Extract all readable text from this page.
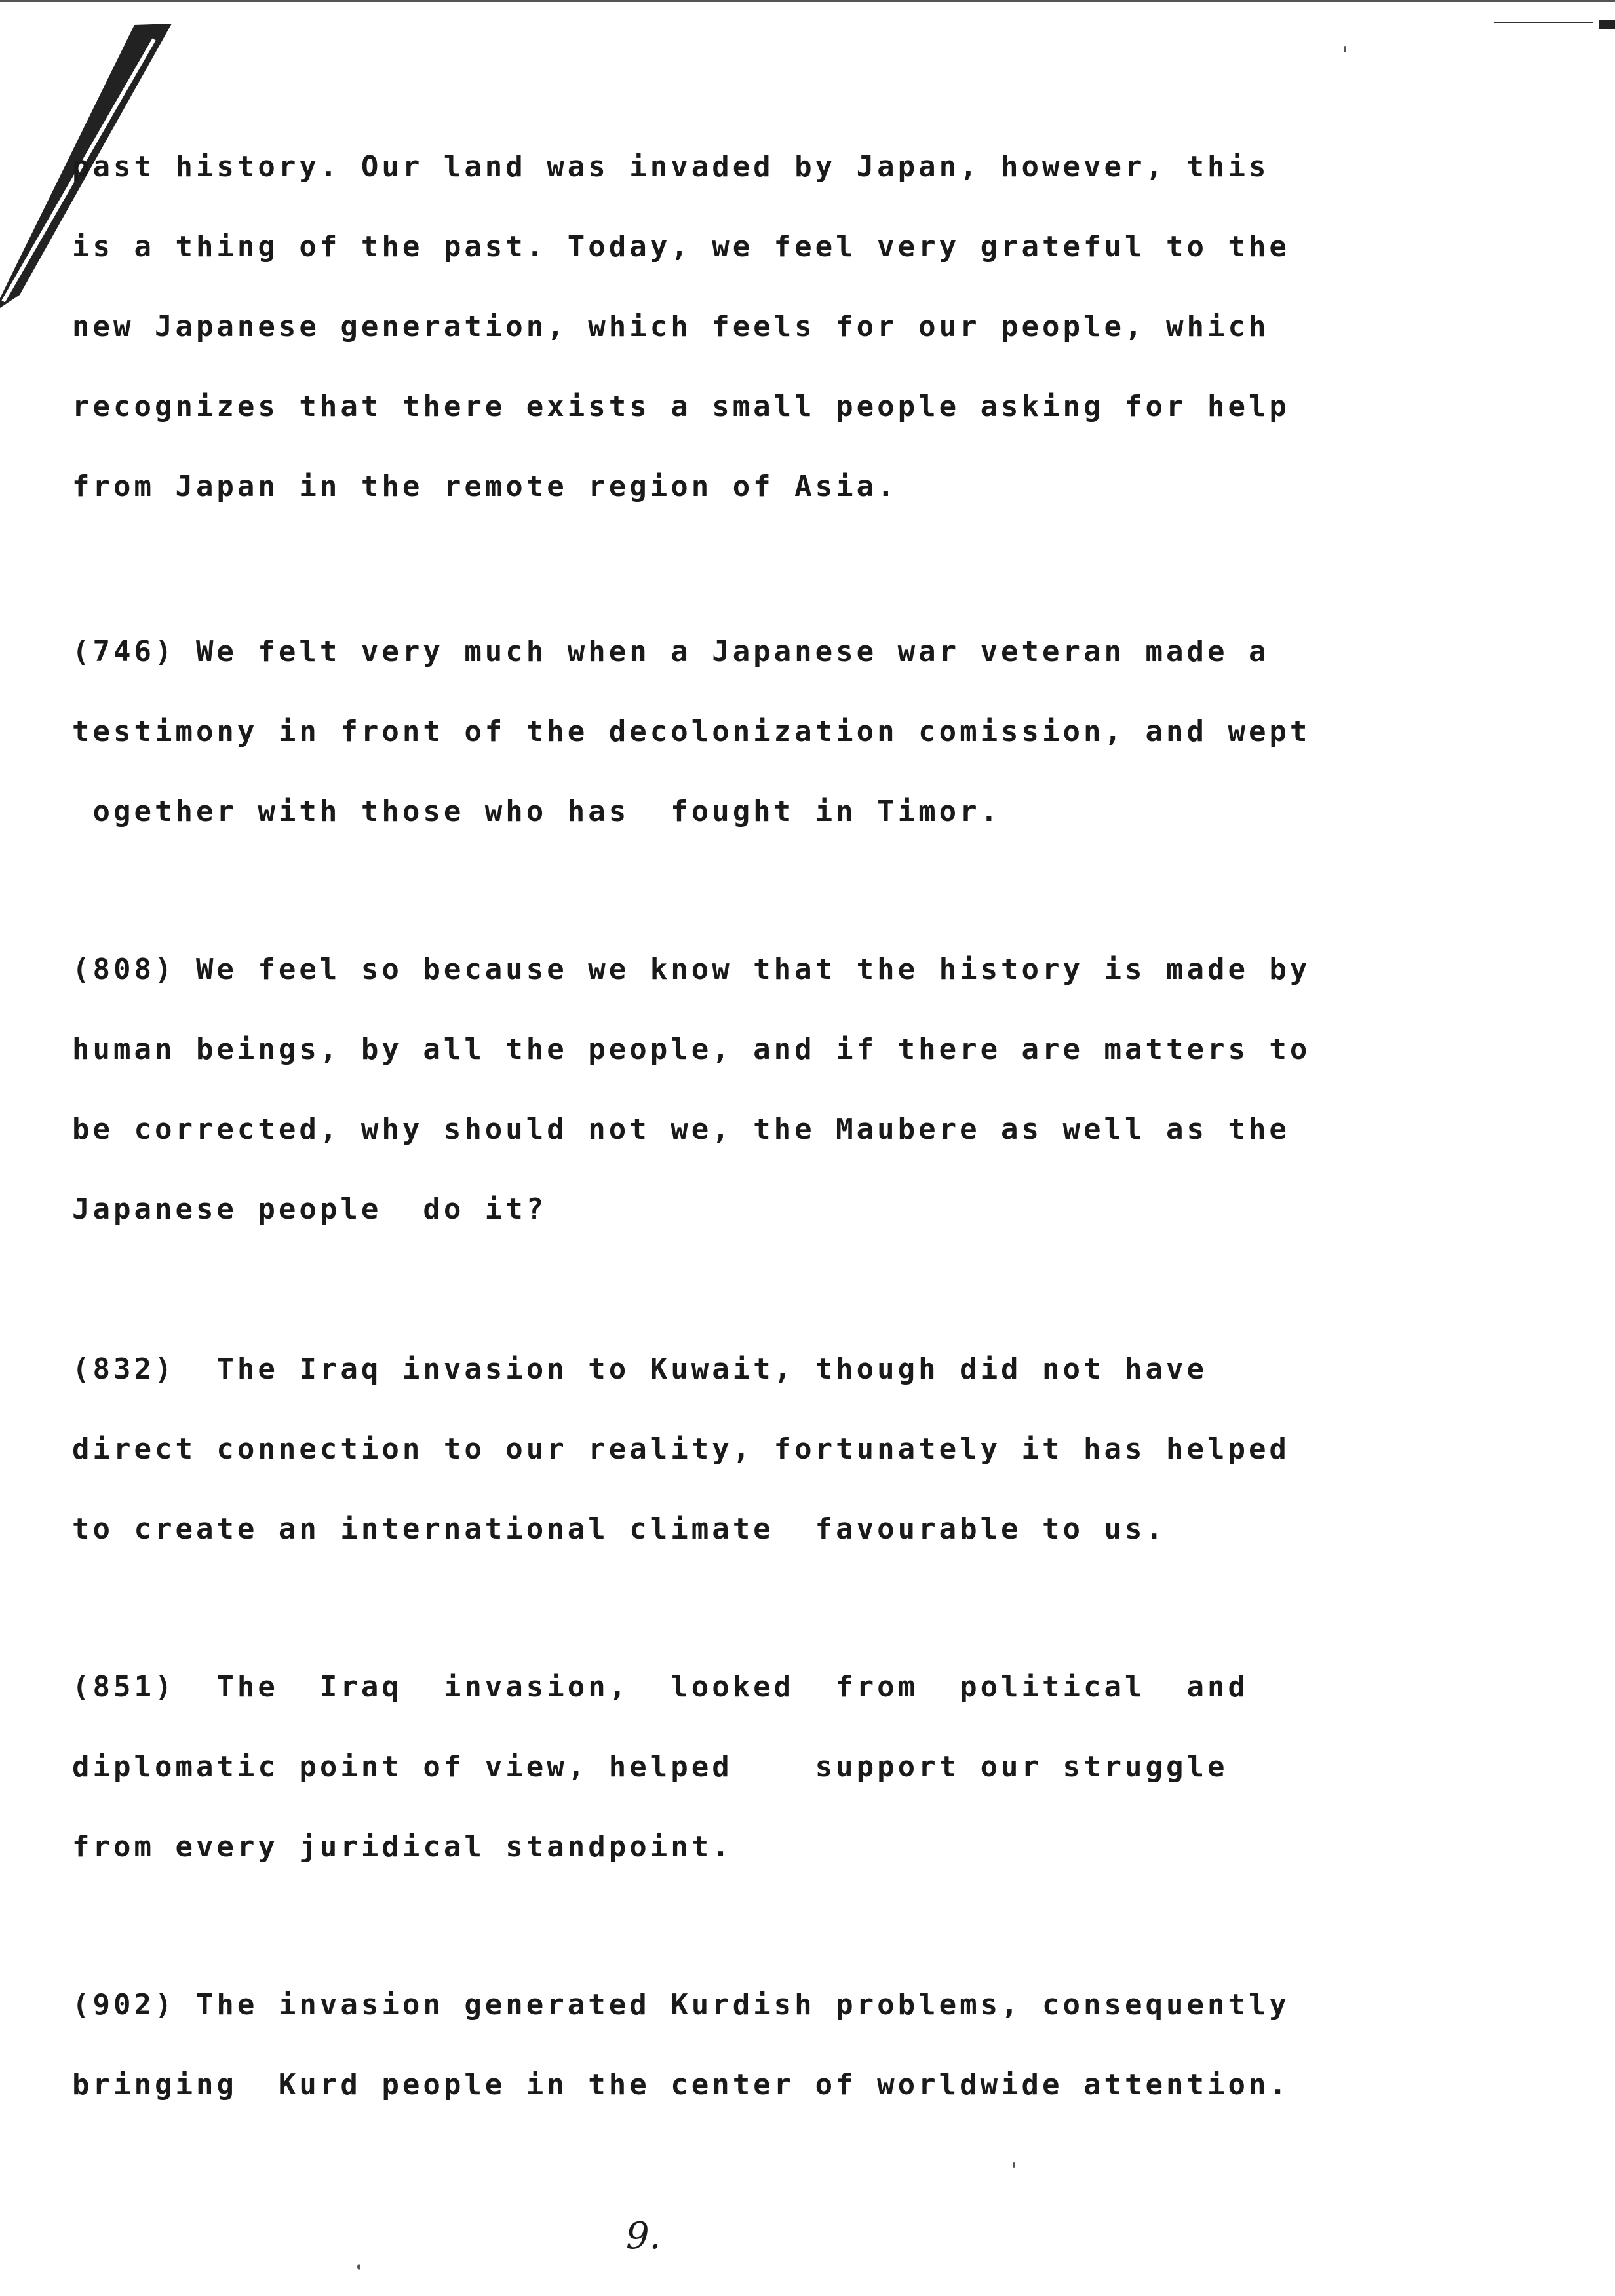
past history. Our land was invaded by Japan, however, this
is a thing of the past. Today, we feel very grateful to the
new Japanese generation, which feels for our people, which
recognizes that there exists a small people asking for help
from Japan in the remote region of Asia.
(746) We felt very much when a Japanese war veteran made a
testimony in front of the decolonization comission, and wept
ogether with those who has  fought in Timor.
(808) We feel so because we know that the history is made by
human beings, by all the people, and if there are matters to
be corrected, why should not we, the Maubere as well as the
Japanese people  do it?
(832)  The Iraq invasion to Kuwait, though did not have
direct connection to our reality, fortunately it has helped
to create an international climate  favourable to us.
(851)  The  Iraq  invasion,  looked  from  political  and
diplomatic point of view, helped    support our struggle
from every juridical standpoint.
(902) The invasion generated Kurdish problems, consequently
bringing  Kurd people in the center of worldwide attention.
9.
